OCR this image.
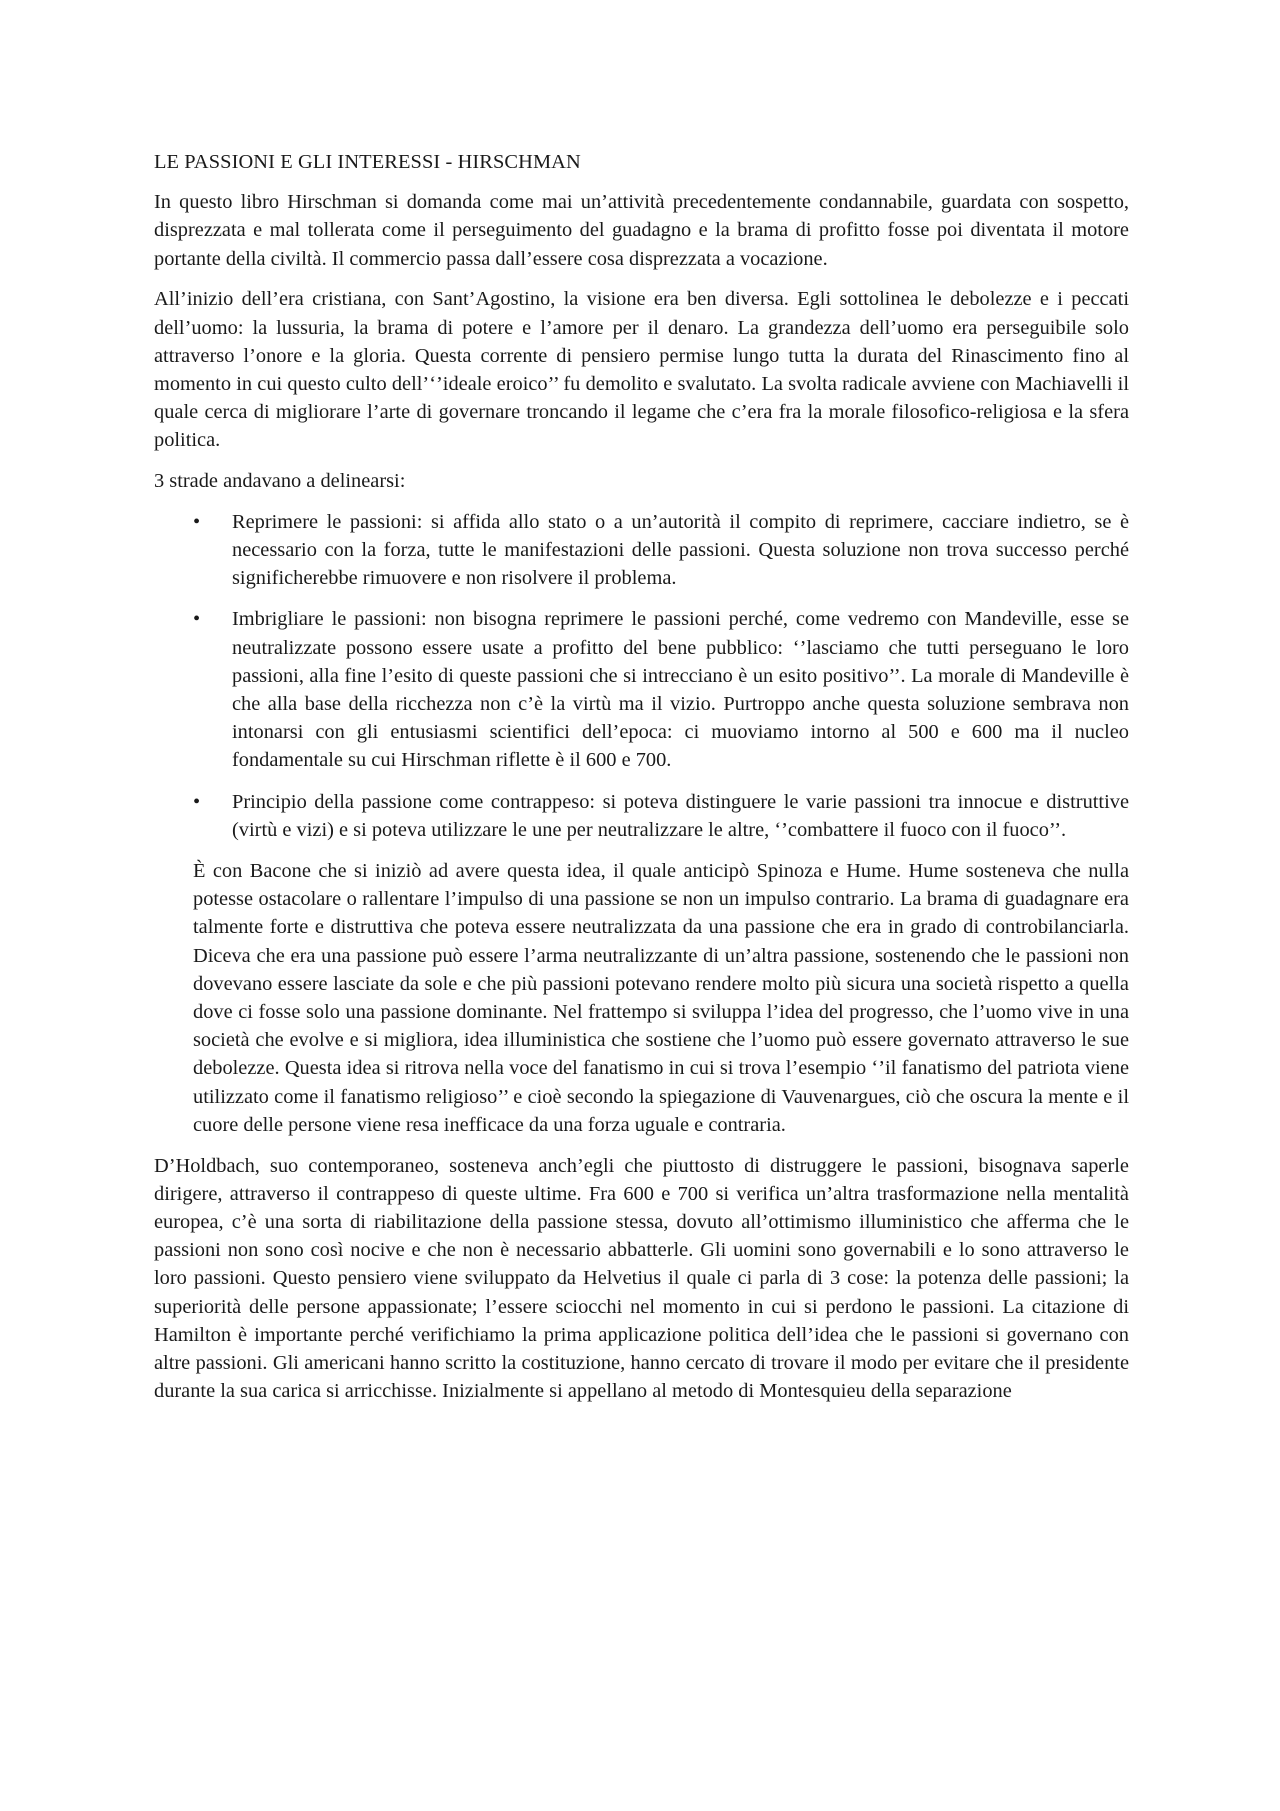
LE PASSIONI E GLI INTERESSI - HIRSCHMAN

In questo libro Hirschman si domanda come mai un’attività precedentemente condannabile, guardata con sospetto, disprezzata e mal tollerata come il perseguimento del guadagno e la brama di profitto fosse poi diventata il motore portante della civiltà. Il commercio passa dall’essere cosa disprezzata a vocazione.

All’inizio dell’era cristiana, con Sant’Agostino, la visione era ben diversa. Egli sottolinea le debolezze e i peccati dell’uomo: la lussuria, la brama di potere e l’amore per il denaro. La grandezza dell’uomo era perseguibile solo attraverso l’onore e la gloria. Questa corrente di pensiero permise lungo tutta la durata del Rinascimento fino al momento in cui questo culto dell’‘’ideale eroico’’ fu demolito e svalutato. La svolta radicale avviene con Machiavelli il quale cerca di migliorare l’arte di governare troncando il legame che c’era fra la morale filosofico-religiosa e la sfera politica.

3 strade andavano a delinearsi:

• Reprimere le passioni: si affida allo stato o a un’autorità il compito di reprimere, cacciare indietro, se è necessario con la forza, tutte le manifestazioni delle passioni. Questa soluzione non trova successo perché significherebbe rimuovere e non risolvere il problema.
• Imbrigliare le passioni: non bisogna reprimere le passioni perché, come vedremo con Mandeville, esse se neutralizzate possono essere usate a profitto del bene pubblico: ‘’lasciamo che tutti perseguano le loro passioni, alla fine l’esito di queste passioni che si intrecciano è un esito positivo’’. La morale di Mandeville è che alla base della ricchezza non c’è la virtù ma il vizio. Purtroppo anche questa soluzione sembrava non intonarsi con gli entusiasmi scientifici dell’epoca: ci muoviamo intorno al 500 e 600 ma il nucleo fondamentale su cui Hirschman riflette è il 600 e 700.
• Principio della passione come contrappeso: si poteva distinguere le varie passioni tra innocue e distruttive (virtù e vizi) e si poteva utilizzare le une per neutralizzare le altre, ‘’combattere il fuoco con il fuoco’’.

È con Bacone che si iniziò ad avere questa idea, il quale anticipò Spinoza e Hume. Hume sosteneva che nulla potesse ostacolare o rallentare l’impulso di una passione se non un impulso contrario. La brama di guadagnare era talmente forte e distruttiva che poteva essere neutralizzata da una passione che era in grado di controbilanciarla. Diceva che era una passione può essere l’arma neutralizzante di un’altra passione, sostenendo che le passioni non dovevano essere lasciate da sole e che più passioni potevano rendere molto più sicura una società rispetto a quella dove ci fosse solo una passione dominante. Nel frattempo si sviluppa l’idea del progresso, che l’uomo vive in una società che evolve e si migliora, idea illuministica che sostiene che l’uomo può essere governato attraverso le sue debolezze. Questa idea si ritrova nella voce del fanatismo in cui si trova l’esempio ‘’il fanatismo del patriota viene utilizzato come il fanatismo religioso’’ e cioè secondo la spiegazione di Vauvenargues, ciò che oscura la mente e il cuore delle persone viene resa inefficace da una forza uguale e contraria.

D’Holdbach, suo contemporaneo, sosteneva anch’egli che piuttosto di distruggere le passioni, bisognava saperle dirigere, attraverso il contrappeso di queste ultime. Fra 600 e 700 si verifica un’altra trasformazione nella mentalità europea, c’è una sorta di riabilitazione della passione stessa, dovuto all’ottimismo illuministico che afferma che le passioni non sono così nocive e che non è necessario abbatterle. Gli uomini sono governabili e lo sono attraverso le loro passioni. Questo pensiero viene sviluppato da Helvetius il quale ci parla di 3 cose: la potenza delle passioni; la superiorità delle persone appassionate; l’essere sciocchi nel momento in cui si perdono le passioni. La citazione di Hamilton è importante perché verifichiamo la prima applicazione politica dell’idea che le passioni si governano con altre passioni. Gli americani hanno scritto la costituzione, hanno cercato di trovare il modo per evitare che il presidente durante la sua carica si arricchisse. Inizialmente si appellano al metodo di Montesquieu della separazione
